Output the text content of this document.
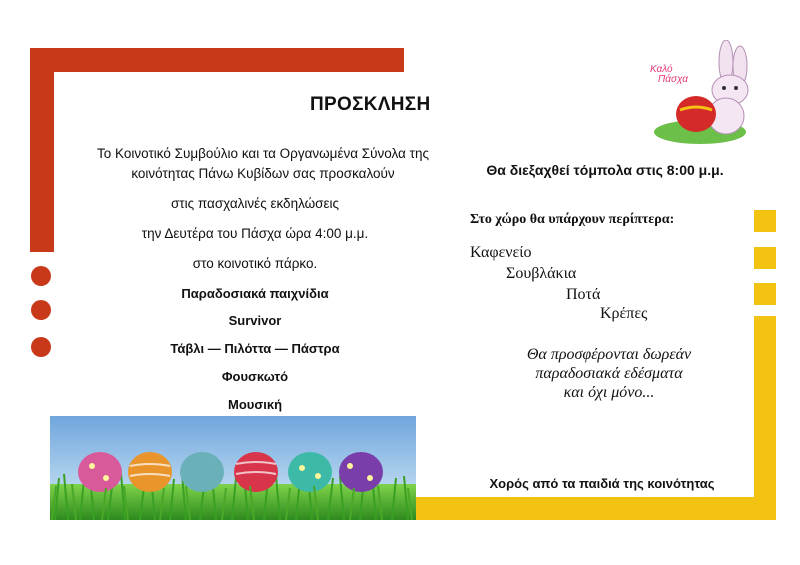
ΠΡΟΣΚΛΗΣΗ
Το Κοινοτικό Συμβούλιο και τα Οργανωμένα Σύνολα της
κοινότητας Πάνω Κυβίδων σας προσκαλούν
στις πασχαλινές εκδηλώσεις
την Δευτέρα του Πάσχα ώρα 4:00 μ.μ.
στο κοινοτικό πάρκο.
Παραδοσιακά παιχνίδια
Survivor
Τάβλι — Πιλόττα — Πάστρα
Φουσκωτό
Μουσική
Καλό
Πάσχα
Θα διεξαχθεί τόμπολα στις 8:00 μ.μ.
Στο χώρο θα υπάρχουν περίπτερα:
Καφενείο
Σουβλάκια
Ποτά
Κρέπες
Θα προσφέρονται δωρεάν
παραδοσιακά εδέσματα
και όχι μόνο...
Χορός από τα παιδιά της κοινότητας
